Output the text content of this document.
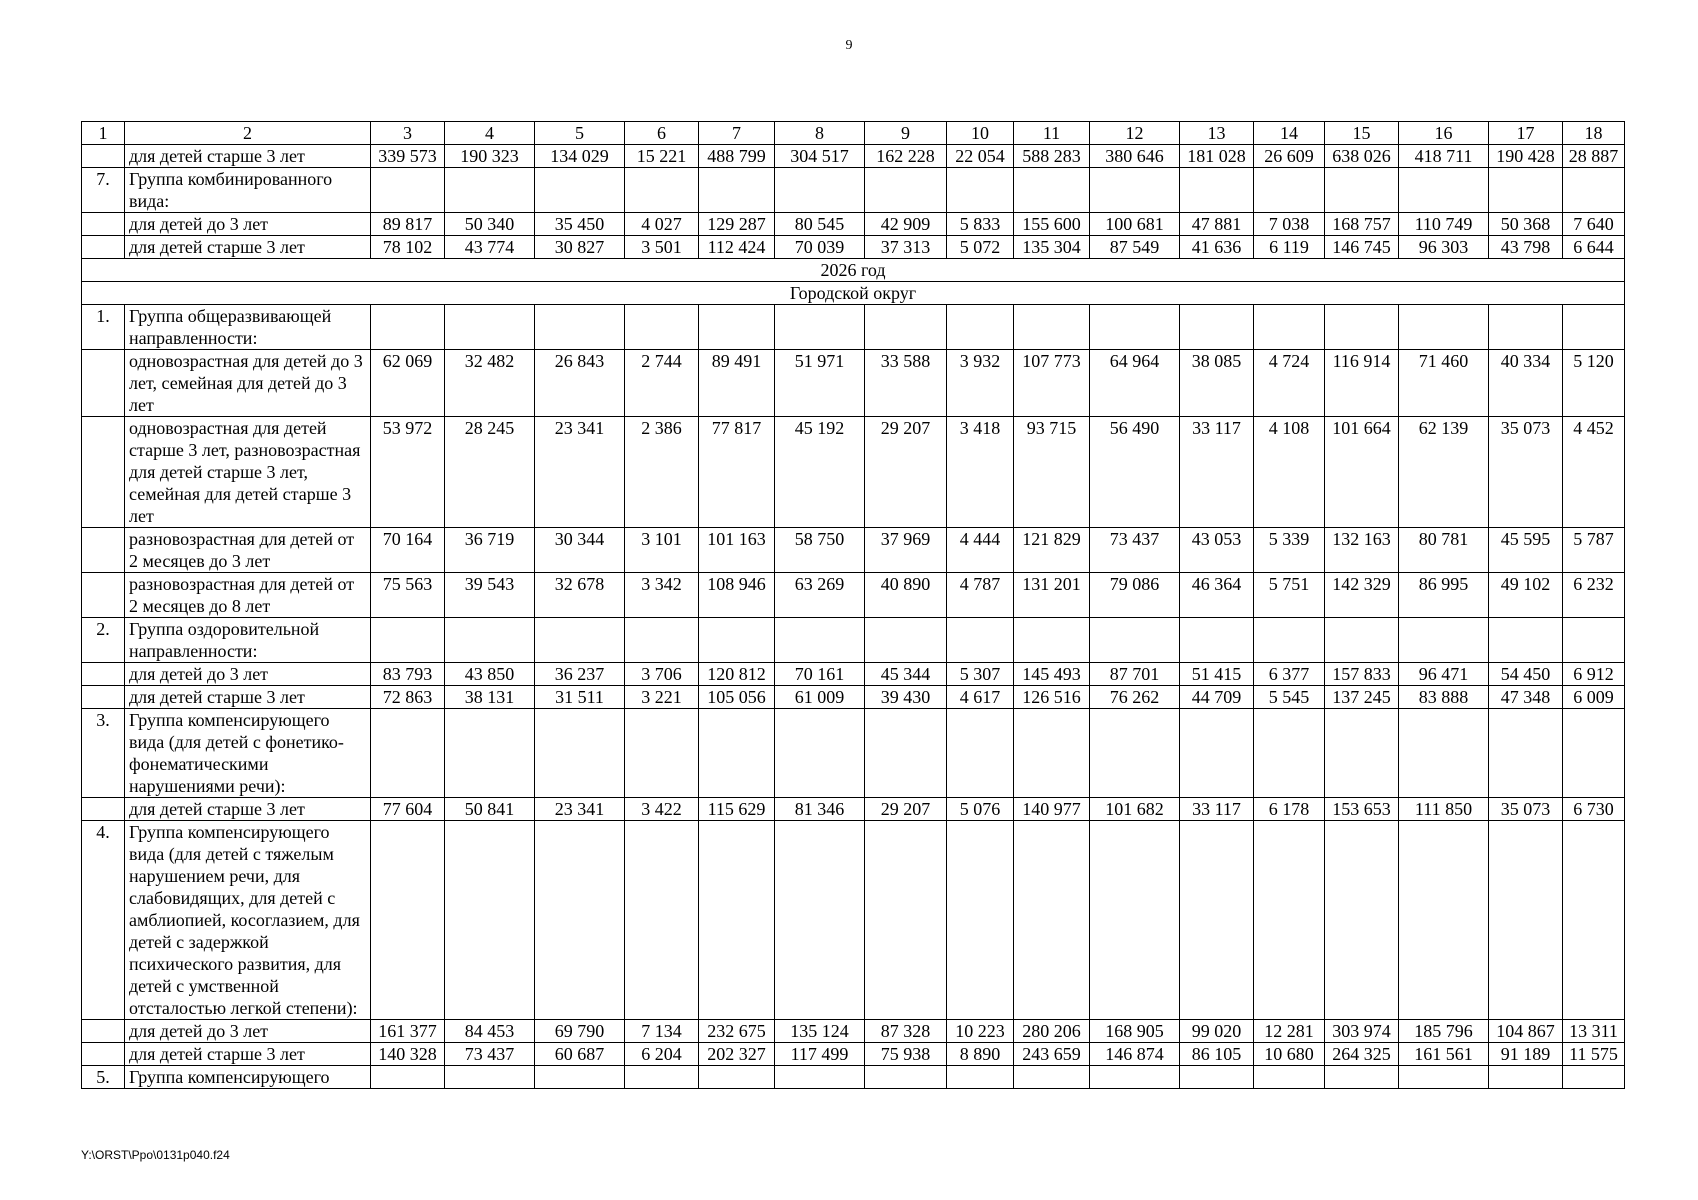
9
1	2	3	4	5	6	7	8	9	10	11	12	13	14	15	16	17	18
	для детей старше 3 лет	339 573	190 323	134 029	15 221	488 799	304 517	162 228	22 054	588 283	380 646	181 028	26 609	638 026	418 711	190 428	28 887
7.	Группа комбинированного вида:																
	для детей до 3 лет	89 817	50 340	35 450	4 027	129 287	80 545	42 909	5 833	155 600	100 681	47 881	7 038	168 757	110 749	50 368	7 640
	для детей старше 3 лет	78 102	43 774	30 827	3 501	112 424	70 039	37 313	5 072	135 304	87 549	41 636	6 119	146 745	96 303	43 798	6 644
2026 год																	
Городской округ																	
1.	Группа общеразвивающей направленности:																
	одновозрастная для детей до 3 лет, семейная для детей до 3 лет	62 069	32 482	26 843	2 744	89 491	51 971	33 588	3 932	107 773	64 964	38 085	4 724	116 914	71 460	40 334	5 120
	одновозрастная для детей старше 3 лет, разновозрастная для детей старше 3 лет, семейная для детей старше 3 лет	53 972	28 245	23 341	2 386	77 817	45 192	29 207	3 418	93 715	56 490	33 117	4 108	101 664	62 139	35 073	4 452
	разновозрастная для детей от 2 месяцев до 3 лет	70 164	36 719	30 344	3 101	101 163	58 750	37 969	4 444	121 829	73 437	43 053	5 339	132 163	80 781	45 595	5 787
	разновозрастная для детей от 2 месяцев до 8 лет	75 563	39 543	32 678	3 342	108 946	63 269	40 890	4 787	131 201	79 086	46 364	5 751	142 329	86 995	49 102	6 232
2.	Группа оздоровительной направленности:																
	для детей до 3 лет	83 793	43 850	36 237	3 706	120 812	70 161	45 344	5 307	145 493	87 701	51 415	6 377	157 833	96 471	54 450	6 912
	для детей старше 3 лет	72 863	38 131	31 511	3 221	105 056	61 009	39 430	4 617	126 516	76 262	44 709	5 545	137 245	83 888	47 348	6 009
3.	Группа компенсирующего вида (для детей с фонетико-фонематическими нарушениями речи):																
	для детей старше 3 лет	77 604	50 841	23 341	3 422	115 629	81 346	29 207	5 076	140 977	101 682	33 117	6 178	153 653	111 850	35 073	6 730
4.	Группа компенсирующего вида (для детей с тяжелым нарушением речи, для слабовидящих, для детей с амблиопией, косоглазием, для детей с задержкой психического развития, для детей с умственной отсталостью легкой степени):																
	для детей до 3 лет	161 377	84 453	69 790	7 134	232 675	135 124	87 328	10 223	280 206	168 905	99 020	12 281	303 974	185 796	104 867	13 311
	для детей старше 3 лет	140 328	73 437	60 687	6 204	202 327	117 499	75 938	8 890	243 659	146 874	86 105	10 680	264 325	161 561	91 189	11 575
5.	Группа компенсирующего																
Y:\ORST\Ppo\0131p040.f24
